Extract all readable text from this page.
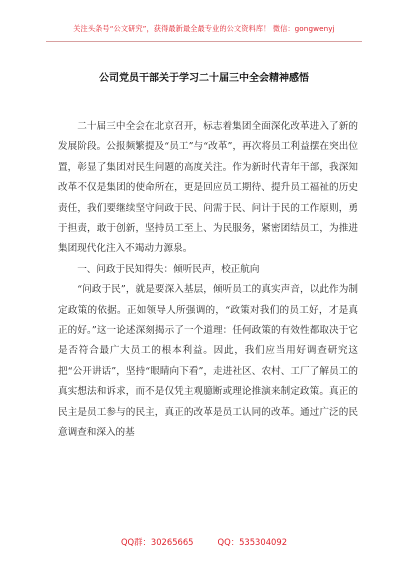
关注头条号“公文研究”，获得最新最全最专业的公文资料库！ 微信：gongwenyj
公司党员干部关于学习二十届三中全会精神感悟

二十届三中全会在北京召开，标志着集团全面深化改革进入了新的发展阶段。公报频繁提及“员工”与“改革”，再次将员工利益摆在突出位置，彰显了集团对民生问题的高度关注。作为新时代青年干部，我深知改革不仅是集团的使命所在，更是回应员工期待、提升员工福祉的历史责任，我们要继续坚守问政于民、问需于民、问计于民的工作原则，勇于担责，敢于创新，坚持员工至上、为民服务，紧密团结员工，为推进集团现代化注入不竭动力源泉。

一、问政于民知得失：倾听民声，校正航向

“问政于民”，就是要深入基层，倾听员工的真实声音，以此作为制定政策的依据。正如领导人所强调的，“政策对我们的员工好，才是真正的好。”这一论述深刻揭示了一个道理：任何政策的有效性都取决于它是否符合最广大员工的根本利益。因此，我们应当用好调查研究这把“公开讲话”，坚持“眼睛向下看”，走进社区、农村、工厂了解员工的真实想法和诉求，而不是仅凭主观臆断或理论推演来制定政策。真正的民主是员工参与的民主，真正的改革是员工认同的改革。通过广泛的民意调查和深入的基

QQ群：30265665	QQ：535304092
